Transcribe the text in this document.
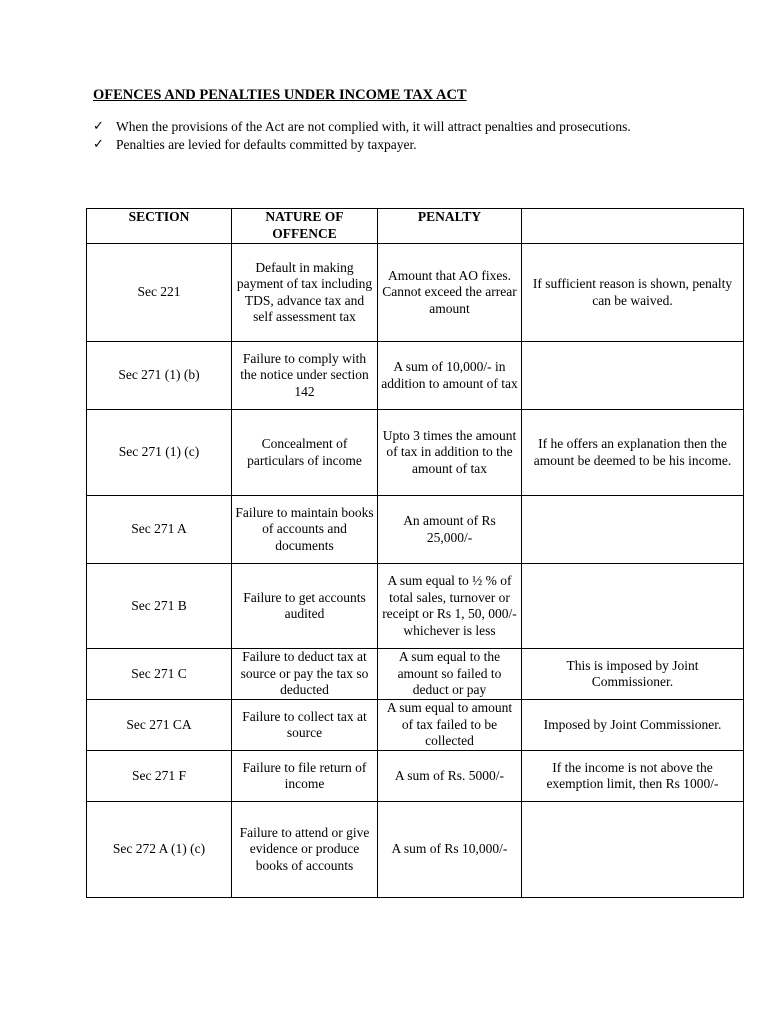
OFENCES AND PENALTIES UNDER INCOME TAX ACT
✓ When the provisions of the Act are not complied with, it will attract penalties and prosecutions.
✓ Penalties are levied for defaults committed by taxpayer.
SECTION	NATURE OF OFFENCE	PENALTY	
Sec 221	Default in making payment of tax including TDS, advance tax and self assessment tax	Amount that AO fixes. Cannot exceed the arrear amount	If sufficient reason is shown, penalty can be waived.
Sec 271 (1) (b)	Failure to comply with the notice under section 142	A sum of 10,000/- in addition to amount of tax	
Sec 271 (1) (c)	Concealment of particulars of income	Upto 3 times the amount of tax in addition to the amount of tax	If he offers an explanation then the amount be deemed to be his income.
Sec 271 A	Failure to maintain books of accounts and documents	An amount of Rs 25,000/-	
Sec 271 B	Failure to get accounts audited	A sum equal to ½ % of total sales, turnover or receipt or Rs 1, 50, 000/- whichever is less	
Sec 271 C	Failure to deduct tax at source or pay the tax so deducted	A sum equal to the amount so failed to deduct or pay	This is imposed by Joint Commissioner.
Sec 271 CA	Failure to collect tax at source	A sum equal to amount of tax failed to be collected	Imposed by Joint Commissioner.
Sec 271 F	Failure to file return of income	A sum of Rs. 5000/-	If the income is not above the exemption limit, then Rs 1000/-
Sec 272 A (1) (c)	Failure to attend or give evidence or produce books of accounts	A sum of Rs 10,000/-	
